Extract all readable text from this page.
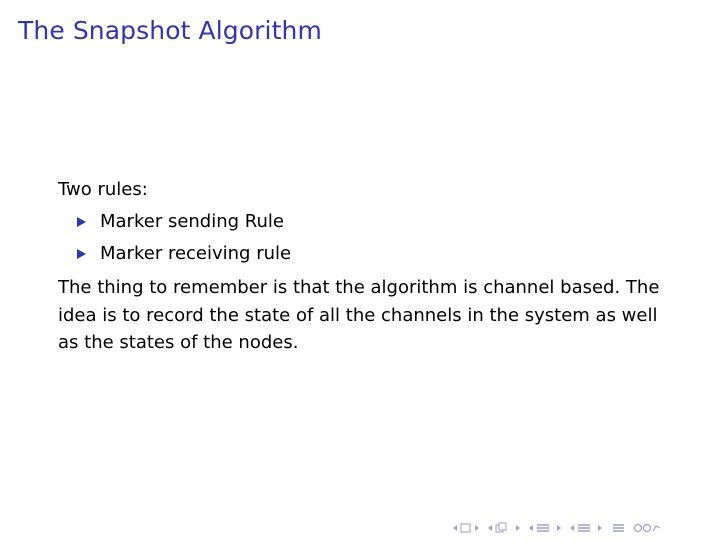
The Snapshot Algorithm

Two rules:

Marker sending Rule
Marker receiving rule

The thing to remember is that the algorithm is channel based. The idea is to record the state of all the channels in the system as well as the states of the nodes.
